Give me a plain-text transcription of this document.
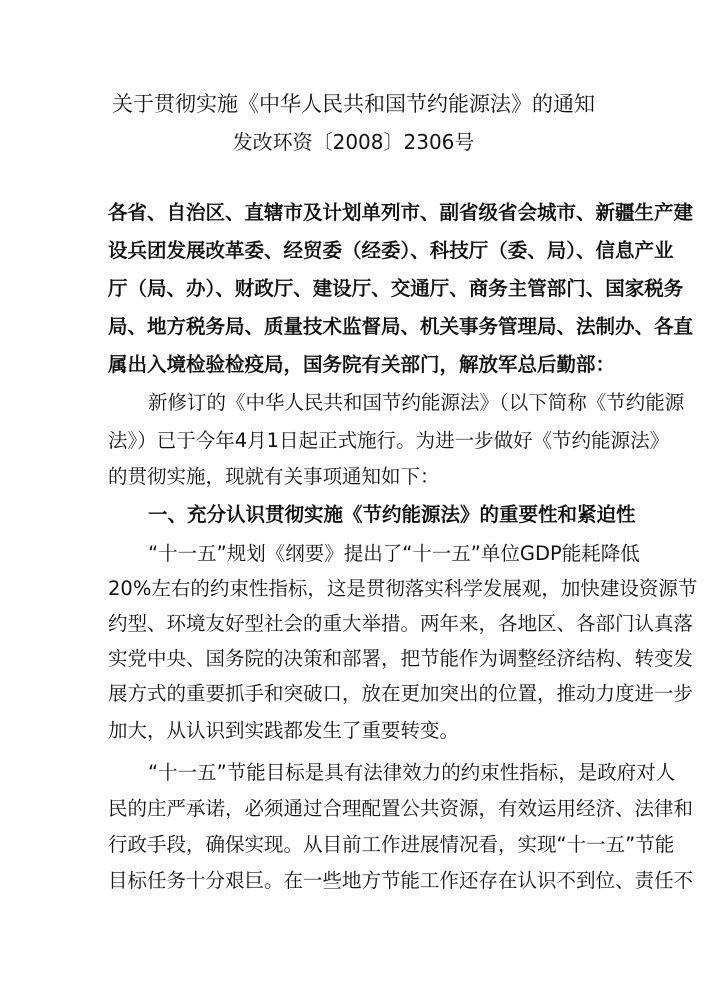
关于贯彻实施《中华人民共和国节约能源法》的通知
发改环资〔2008〕2306号
各省、自治区、直辖市及计划单列市、副省级省会城市、新疆生产建
设兵团发展改革委、经贸委（经委）、科技厅（委、局）、信息产业
厅（局、办）、财政厅、建设厅、交通厅、商务主管部门、国家税务
局、地方税务局、质量技术监督局、机关事务管理局、法制办、各直
属出入境检验检疫局，国务院有关部门，解放军总后勤部：
新修订的《中华人民共和国节约能源法》（以下简称《节约能源
法》）已于今年4月1日起正式施行。为进一步做好《节约能源法》
的贯彻实施，现就有关事项通知如下：
一、充分认识贯彻实施《节约能源法》的重要性和紧迫性
“十一五”规划《纲要》提出了“十一五”单位GDP能耗降低
20%左右的约束性指标，这是贯彻落实科学发展观，加快建设资源节
约型、环境友好型社会的重大举措。两年来，各地区、各部门认真落
实党中央、国务院的决策和部署，把节能作为调整经济结构、转变发
展方式的重要抓手和突破口，放在更加突出的位置，推动力度进一步
加大，从认识到实践都发生了重要转变。
“十一五”节能目标是具有法律效力的约束性指标，是政府对人
民的庄严承诺，必须通过合理配置公共资源，有效运用经济、法律和
行政手段，确保实现。从目前工作进展情况看，实现“十一五”节能
目标任务十分艰巨。在一些地方节能工作还存在认识不到位、责任不
